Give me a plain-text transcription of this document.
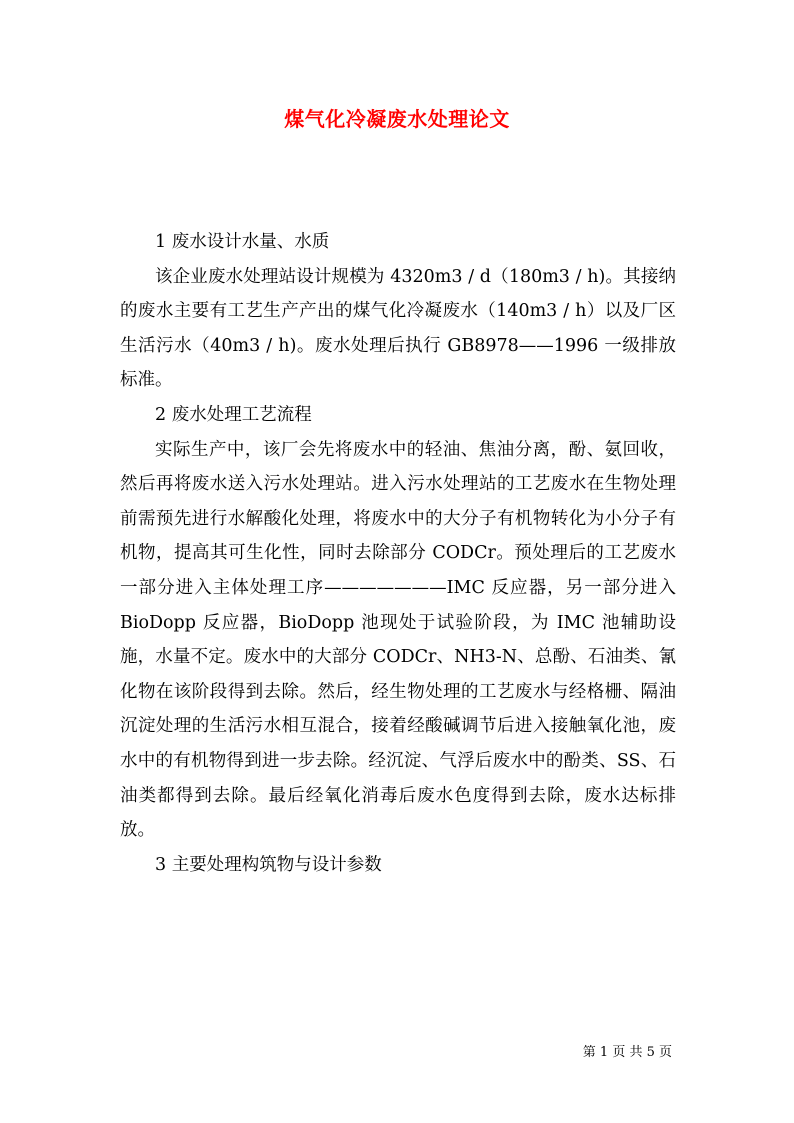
煤气化冷凝废水处理论文

1 废水设计水量、水质

该企业废水处理站设计规模为 4320m3 / d（180m3 / h)。其接纳的废水主要有工艺生产产出的煤气化冷凝废水（140m3 / h）以及厂区生活污水（40m3 / h)。废水处理后执行 GB8978——1996 一级排放标准。

2 废水处理工艺流程

实际生产中，该厂会先将废水中的轻油、焦油分离，酚、氨回收，然后再将废水送入污水处理站。进入污水处理站的工艺废水在生物处理前需预先进行水解酸化处理，将废水中的大分子有机物转化为小分子有机物，提高其可生化性，同时去除部分 CODCr。预处理后的工艺废水一部分进入主体处理工序———————IMC 反应器，另一部分进入 BioDopp 反应器，BioDopp 池现处于试验阶段，为 IMC 池辅助设施，水量不定。废水中的大部分 CODCr、NH3-N、总酚、石油类、氰化物在该阶段得到去除。然后，经生物处理的工艺废水与经格栅、隔油沉淀处理的生活污水相互混合，接着经酸碱调节后进入接触氧化池，废水中的有机物得到进一步去除。经沉淀、气浮后废水中的酚类、SS、石油类都得到去除。最后经氧化消毒后废水色度得到去除，废水达标排放。

3 主要处理构筑物与设计参数

第 1 页 共 5 页
